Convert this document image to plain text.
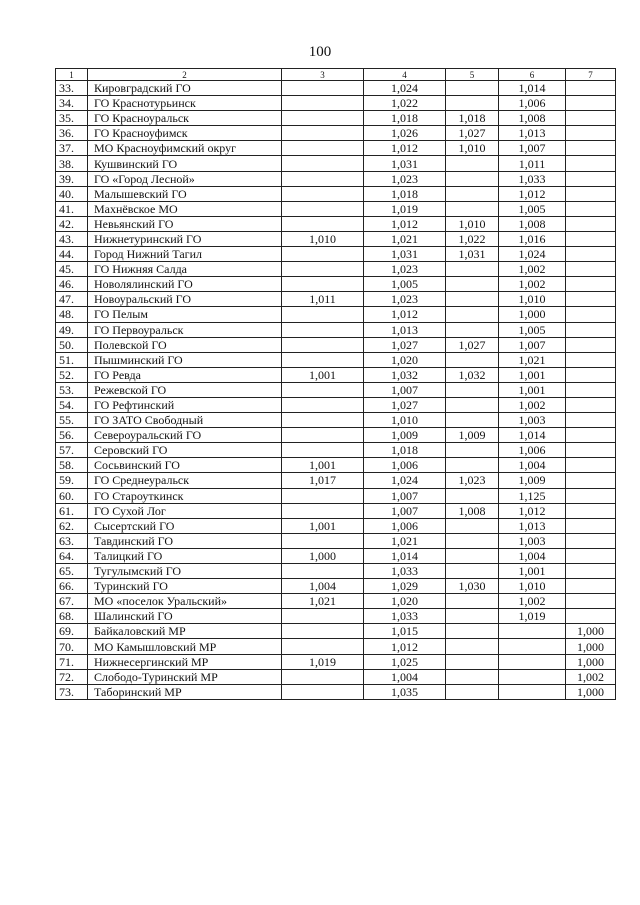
100
1	2	3	4	5	6	7
33.	Кировградский ГО		1,024		1,014	
34.	ГО Краснотурьинск		1,022		1,006	
35.	ГО Красноуральск		1,018	1,018	1,008	
36.	ГО Красноуфимск		1,026	1,027	1,013	
37.	МО Красноуфимский округ		1,012	1,010	1,007	
38.	Кушвинский ГО		1,031		1,011	
39.	ГО «Город Лесной»		1,023		1,033	
40.	Малышевский ГО		1,018		1,012	
41.	Махнёвское МО		1,019		1,005	
42.	Невьянский ГО		1,012	1,010	1,008	
43.	Нижнетуринский ГО	1,010	1,021	1,022	1,016	
44.	Город Нижний Тагил		1,031	1,031	1,024	
45.	ГО Нижняя Салда		1,023		1,002	
46.	Новолялинский ГО		1,005		1,002	
47.	Новоуральский ГО	1,011	1,023		1,010	
48.	ГО Пелым		1,012		1,000	
49.	ГО Первоуральск		1,013		1,005	
50.	Полевской ГО		1,027	1,027	1,007	
51.	Пышминский ГО		1,020		1,021	
52.	ГО Ревда	1,001	1,032	1,032	1,001	
53.	Режевской ГО		1,007		1,001	
54.	ГО Рефтинский		1,027		1,002	
55.	ГО ЗАТО Свободный		1,010		1,003	
56.	Североуральский ГО		1,009	1,009	1,014	
57.	Серовский ГО		1,018		1,006	
58.	Сосьвинский ГО	1,001	1,006		1,004	
59.	ГО Среднеуральск	1,017	1,024	1,023	1,009	
60.	ГО Староуткинск		1,007		1,125	
61.	ГО Сухой Лог		1,007	1,008	1,012	
62.	Сысертский ГО	1,001	1,006		1,013	
63.	Тавдинский ГО		1,021		1,003	
64.	Талицкий ГО	1,000	1,014		1,004	
65.	Тугулымский ГО		1,033		1,001	
66.	Туринский ГО	1,004	1,029	1,030	1,010	
67.	МО «поселок Уральский»	1,021	1,020		1,002	
68.	Шалинский ГО		1,033		1,019	
69.	Байкаловский МР		1,015			1,000
70.	МО Камышловский МР		1,012			1,000
71.	Нижнесергинский МР	1,019	1,025			1,000
72.	Слободо-Туринский МР		1,004			1,002
73.	Таборинский МР		1,035			1,000
